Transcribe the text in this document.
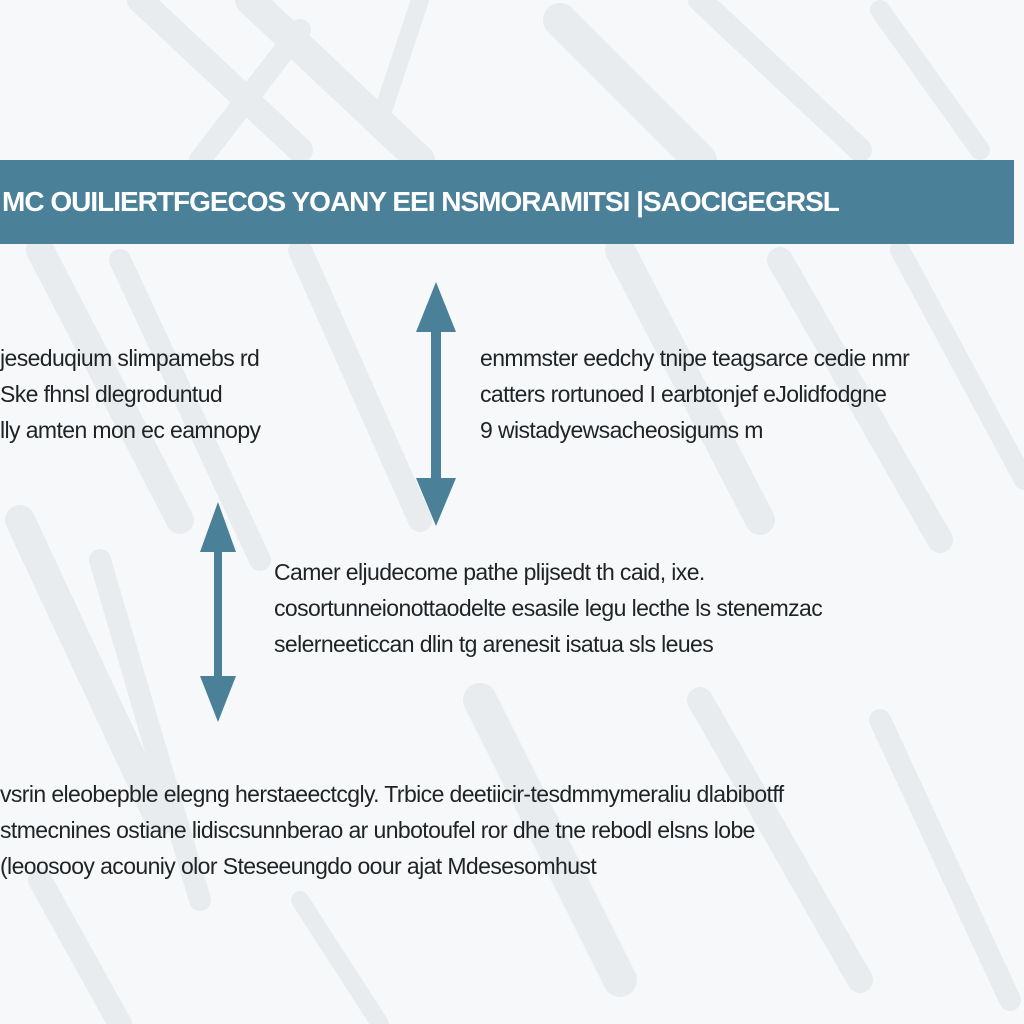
MC OUILIERTFGECOS YOANY EEI NSMORAMITSI |SAOCIGEGRSL
jeseduqium slimpamebs rd
Ske fhnsl dlegroduntud
lly amten mon ec eamnopy
enmmster eedchy tnipe teagsarce cedie nmr
catters rortunoed I earbtonjef eJolidfodgne
9 wistadyewsacheosigums m
Camer eljudecome pathe plijsedt th caid, ixe.
cosortunneionottaodelte esasile legu lecthe ls stenemzac
selerneeticcan dlin tg arenesit isatua sls leues
vsrin eleobepble elegng herstaeectcgly. Trbice deetiicir-tesdmmymeraliu dlabibotff
stmecnines ostiane lidiscsunnberao ar unbotoufel ror dhe tne rebodl elsns lobe
(leoosooy acouniy olor Steseeungdo oour ajat Mdesesomhust
